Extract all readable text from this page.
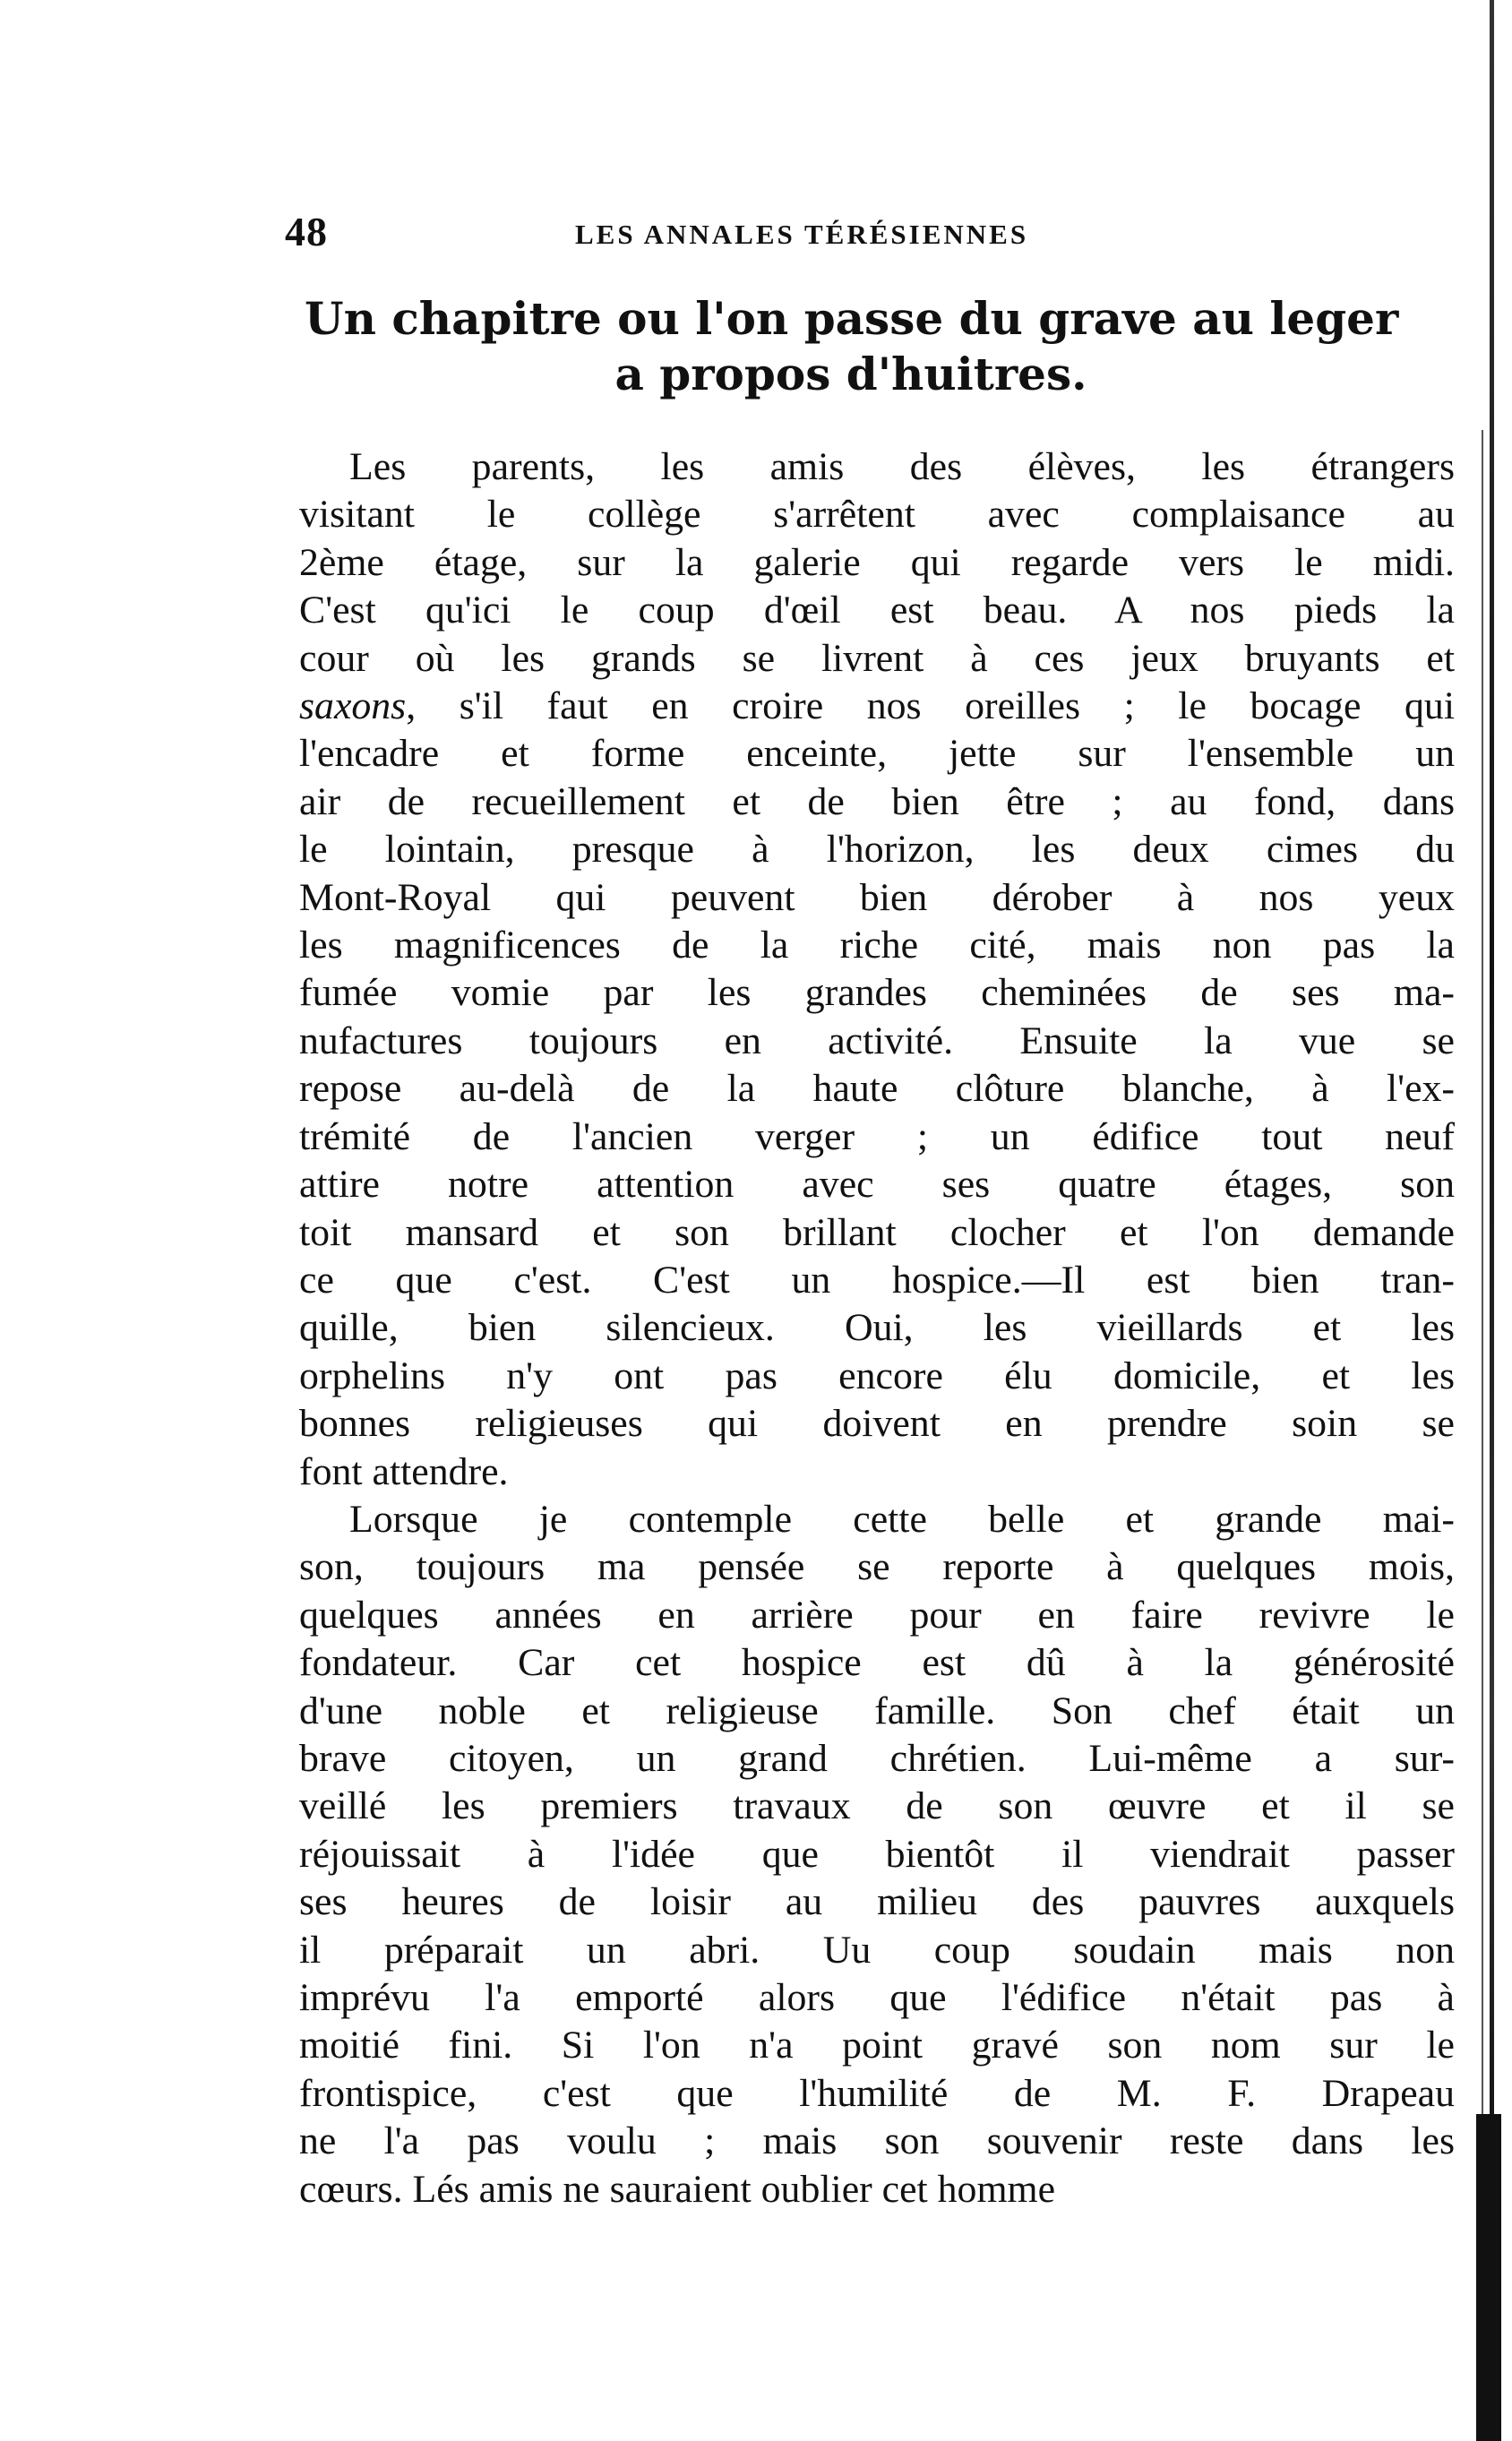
48	LES ANNALES TÉRÉSIENNES
Un chapitre ou l'on passe du grave au leger
a propos d'huitres.
Les parents, les amis des élèves, les étrangers
visitant le collège s'arrêtent avec complaisance au
2ème étage, sur la galerie qui regarde vers le midi.
C'est qu'ici le coup d'œil est beau. A nos pieds la
cour où les grands se livrent à ces jeux bruyants et
saxons, s'il faut en croire nos oreilles ; le bocage qui
l'encadre et forme enceinte, jette sur l'ensemble un
air de recueillement et de bien être ; au fond, dans
le lointain, presque à l'horizon, les deux cimes du
Mont-Royal qui peuvent bien dérober à nos yeux
les magnificences de la riche cité, mais non pas la
fumée vomie par les grandes cheminées de ses ma-
nufactures toujours en activité. Ensuite la vue se
repose au-delà de la haute clôture blanche, à l'ex-
trémité de l'ancien verger ; un édifice tout neuf
attire notre attention avec ses quatre étages, son
toit mansard et son brillant clocher et l'on demande
ce que c'est. C'est un hospice.—Il est bien tran-
quille, bien silencieux. Oui, les vieillards et les
orphelins n'y ont pas encore élu domicile, et les
bonnes religieuses qui doivent en prendre soin se
font attendre.
Lorsque je contemple cette belle et grande mai-
son, toujours ma pensée se reporte à quelques mois,
quelques années en arrière pour en faire revivre le
fondateur. Car cet hospice est dû à la générosité
d'une noble et religieuse famille. Son chef était un
brave citoyen, un grand chrétien. Lui-même a sur-
veillé les premiers travaux de son œuvre et il se
réjouissait à l'idée que bientôt il viendrait passer
ses heures de loisir au milieu des pauvres auxquels
il préparait un abri. Uu coup soudain mais non
imprévu l'a emporté alors que l'édifice n'était pas à
moitié fini. Si l'on n'a point gravé son nom sur le
frontispice, c'est que l'humilité de M. F. Drapeau
ne l'a pas voulu ; mais son souvenir reste dans les
cœurs. Lés amis ne sauraient oublier cet homme
